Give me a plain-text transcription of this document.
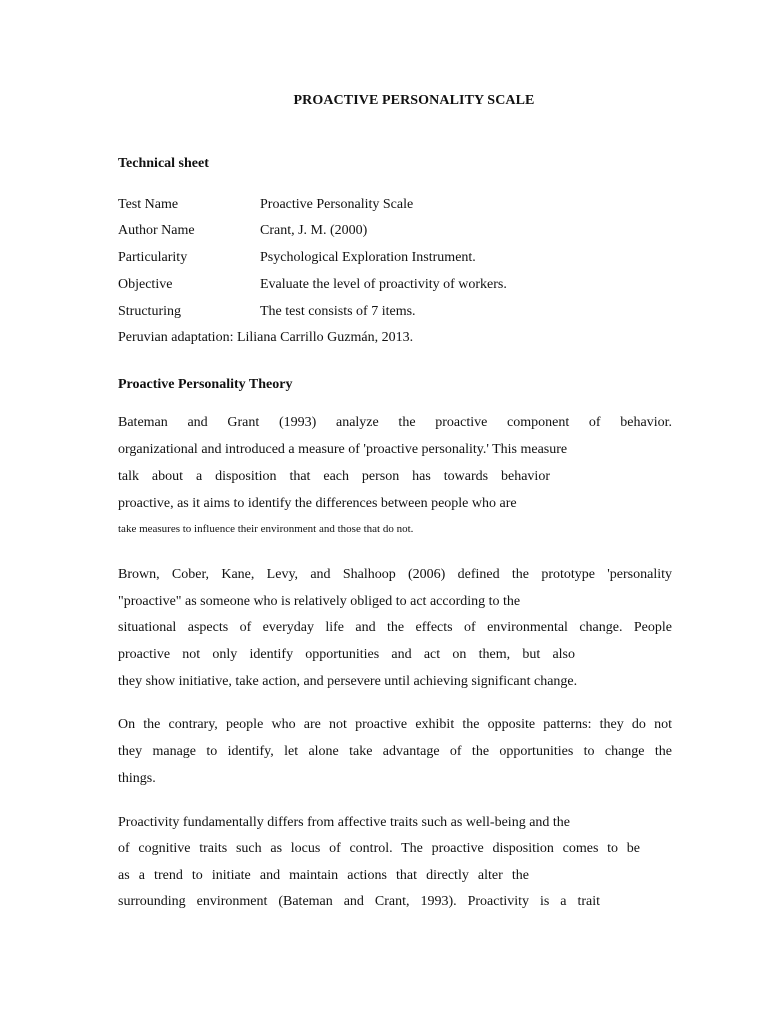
PROACTIVE PERSONALITY SCALE
Technical sheet
Test Name	Proactive Personality Scale
Author Name	Crant, J. M. (2000)
Particularity	Psychological Exploration Instrument.
Objective	Evaluate the level of proactivity of workers.
Structuring	The test consists of 7 items.
Peruvian adaptation: Liliana Carrillo Guzmán, 2013.
Proactive Personality Theory
Bateman and Grant (1993) analyze the proactive component of behavior.
organizational and introduced a measure of 'proactive personality.' This measure
talk about a disposition that each person has towards behavior
proactive, as it aims to identify the differences between people who are
take measures to influence their environment and those that do not.
Brown, Cober, Kane, Levy, and Shalhoop (2006) defined the prototype 'personality
"proactive" as someone who is relatively obliged to act according to the
situational aspects of everyday life and the effects of environmental change. People
proactive not only identify opportunities and act on them, but also
they show initiative, take action, and persevere until achieving significant change.
On the contrary, people who are not proactive exhibit the opposite patterns: they do not
they manage to identify, let alone take advantage of the opportunities to change the
things.
Proactivity fundamentally differs from affective traits such as well-being and the
of cognitive traits such as locus of control. The proactive disposition comes to be
as a trend to initiate and maintain actions that directly alter the
surrounding environment (Bateman and Crant, 1993). Proactivity is a trait
